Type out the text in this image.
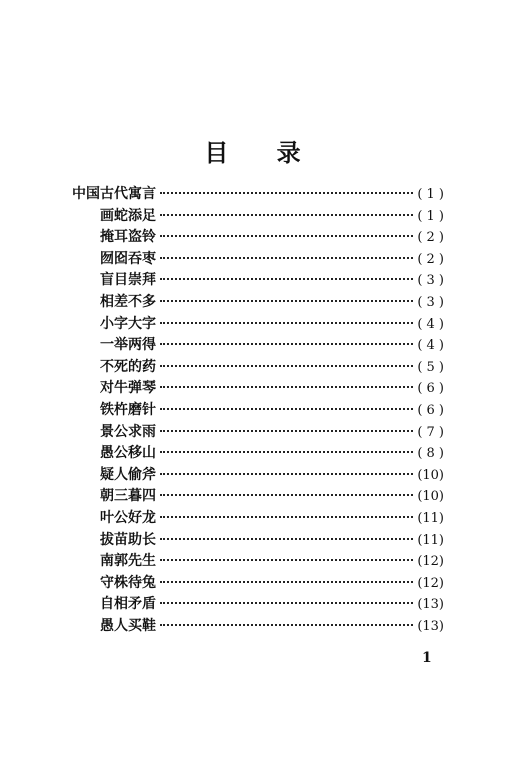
目 录
中国古代寓言	( 1 )
画蛇添足	( 1 )
掩耳盗铃	( 2 )
囫囵吞枣	( 2 )
盲目崇拜	( 3 )
相差不多	( 3 )
小字大字	( 4 )
一举两得	( 4 )
不死的药	( 5 )
对牛弹琴	( 6 )
铁杵磨针	( 6 )
景公求雨	( 7 )
愚公移山	( 8 )
疑人偷斧	(10)
朝三暮四	(10)
叶公好龙	(11)
拔苗助长	(11)
南郭先生	(12)
守株待兔	(12)
自相矛盾	(13)
愚人买鞋	(13)
1
